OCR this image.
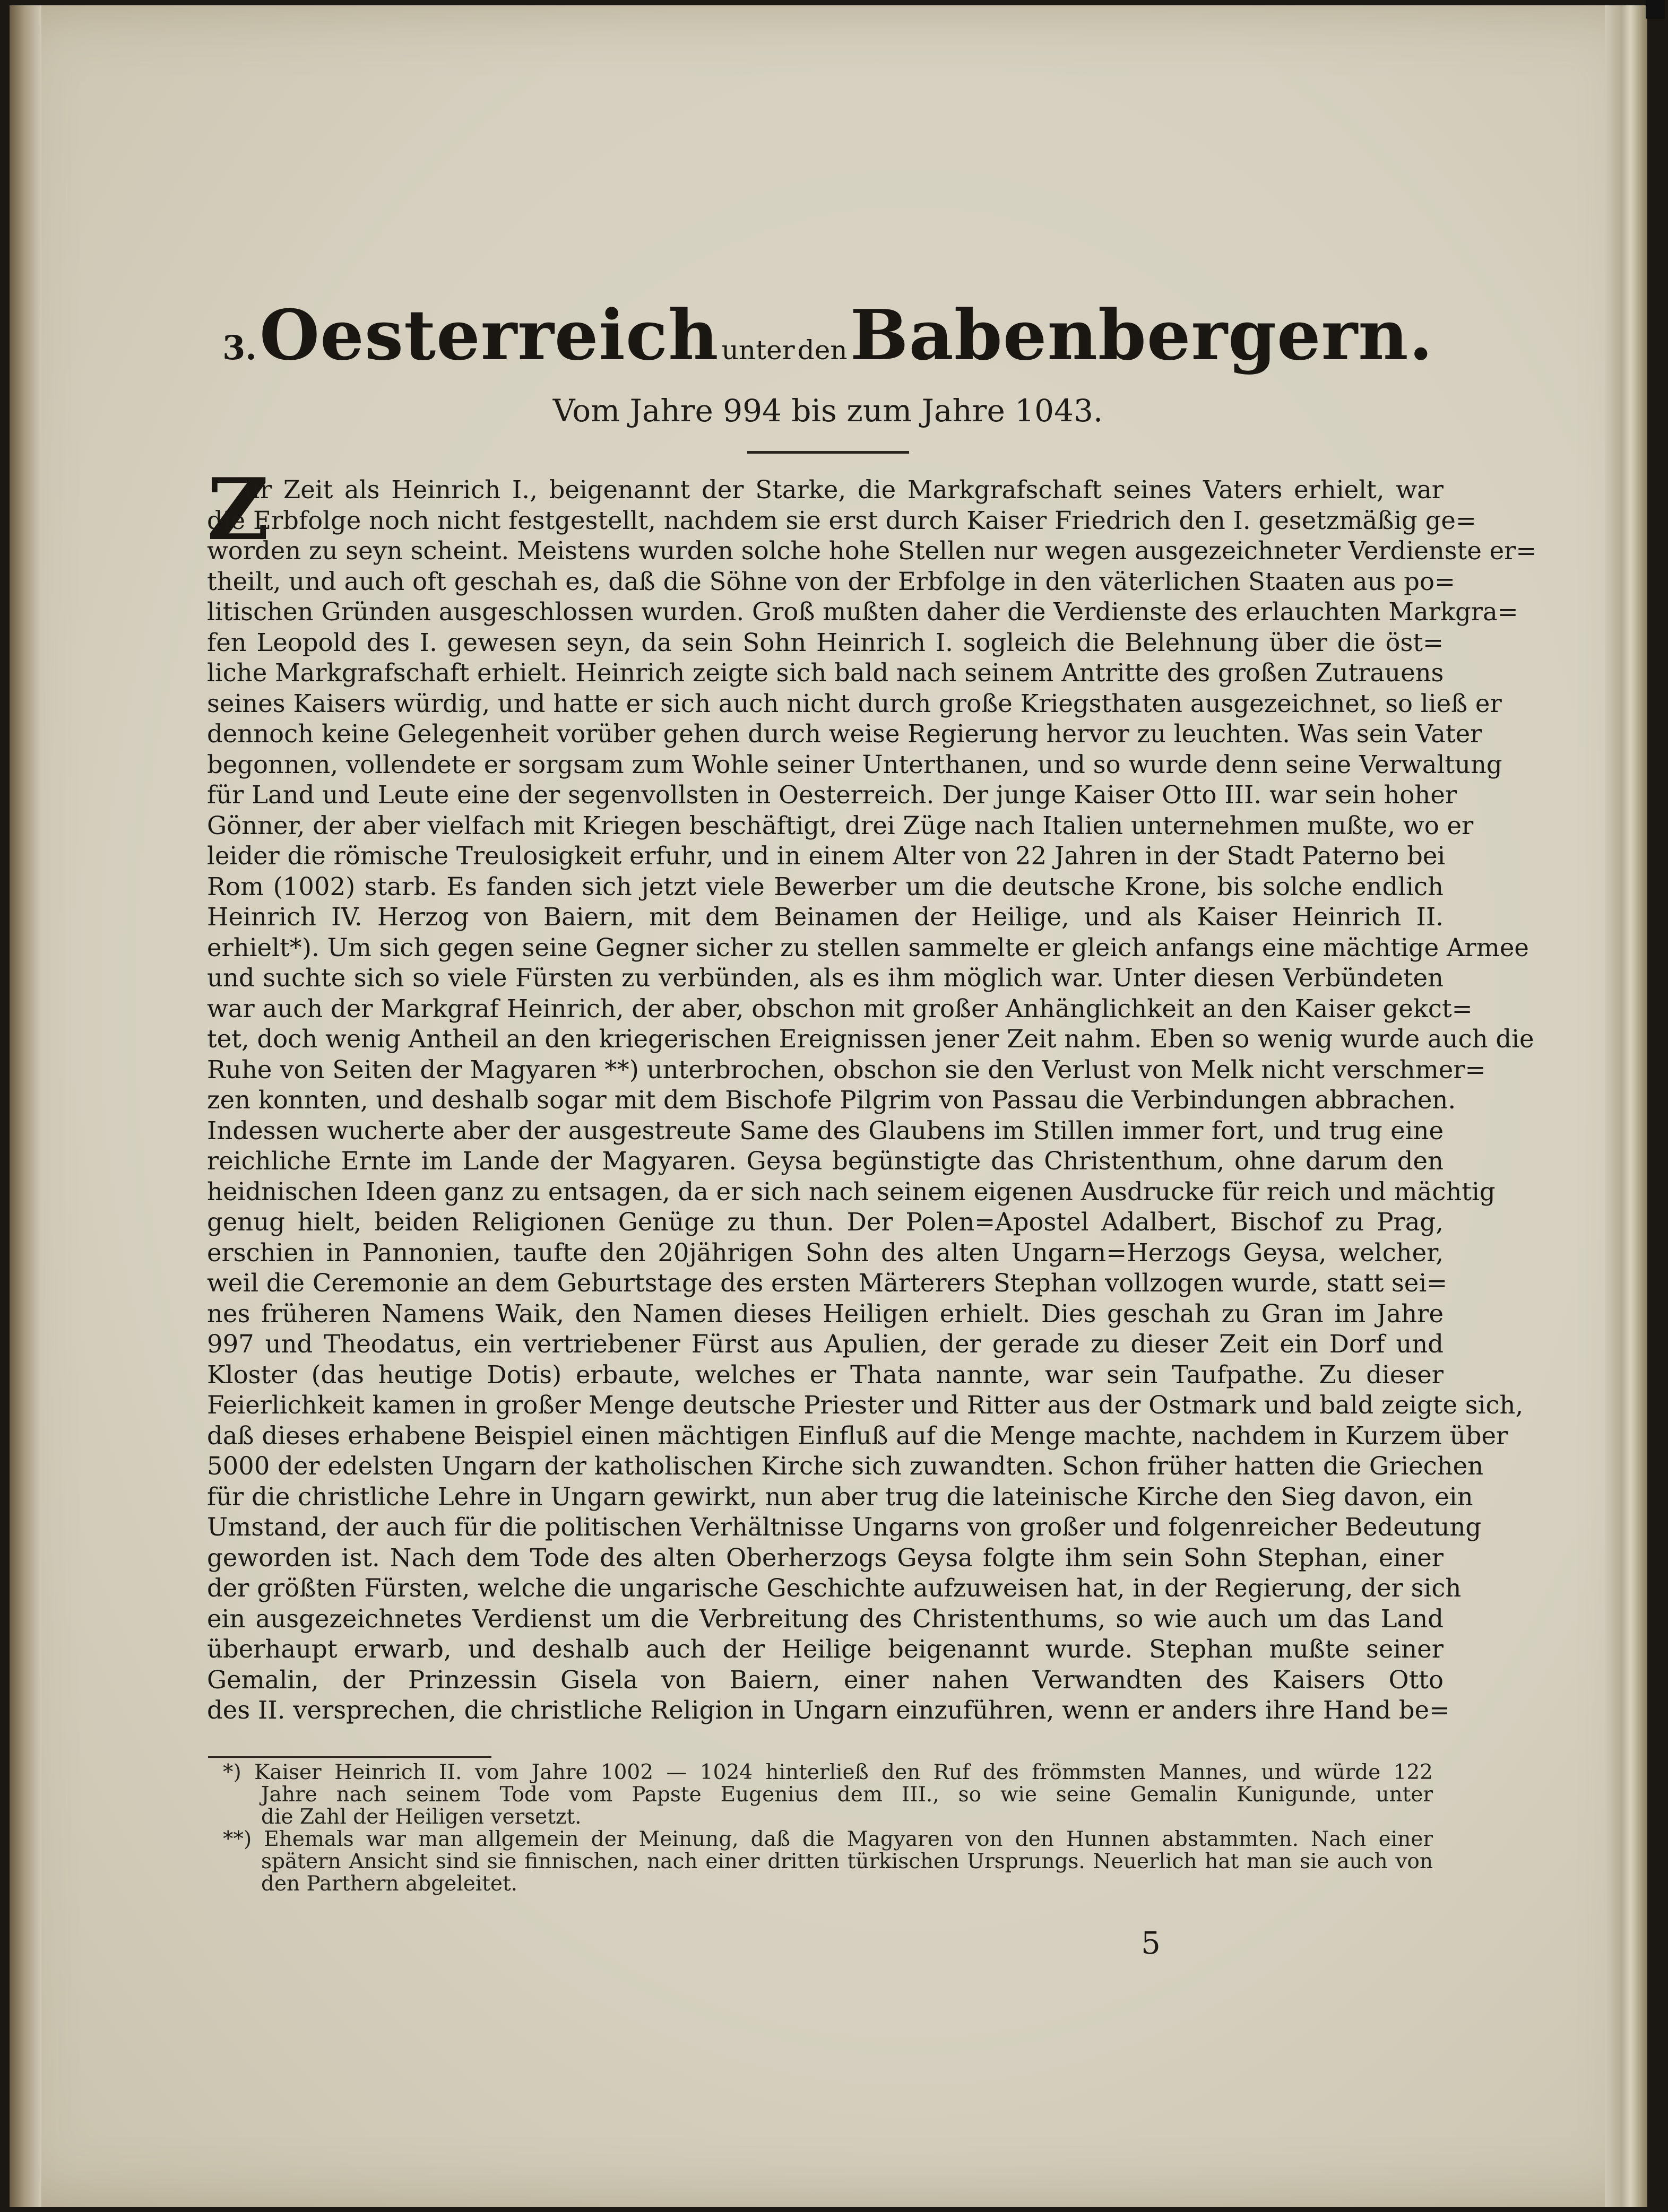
3. Oesterreich unter den Babenbergern.
Vom Jahre 994 bis zum Jahre 1043.
Z
ur Zeit als Heinrich I., beigenannt der Starke, die Markgrafschaft seines Vaters erhielt, war
die Erbfolge noch nicht festgestellt, nachdem sie erst durch Kaiser Friedrich den I. gesetzmäßig ge=
worden zu seyn scheint. Meistens wurden solche hohe Stellen nur wegen ausgezeichneter Verdienste er=
theilt, und auch oft geschah es, daß die Söhne von der Erbfolge in den väterlichen Staaten aus po=
litischen Gründen ausgeschlossen wurden. Groß mußten daher die Verdienste des erlauchten Markgra=
fen Leopold des I. gewesen seyn, da sein Sohn Heinrich I. sogleich die Belehnung über die öst=
liche Markgrafschaft erhielt. Heinrich zeigte sich bald nach seinem Antritte des großen Zutrauens
seines Kaisers würdig, und hatte er sich auch nicht durch große Kriegsthaten ausgezeichnet, so ließ er
dennoch keine Gelegenheit vorüber gehen durch weise Regierung hervor zu leuchten. Was sein Vater
begonnen, vollendete er sorgsam zum Wohle seiner Unterthanen, und so wurde denn seine Verwaltung
für Land und Leute eine der segenvollsten in Oesterreich. Der junge Kaiser Otto III. war sein hoher
Gönner, der aber vielfach mit Kriegen beschäftigt, drei Züge nach Italien unternehmen mußte, wo er
leider die römische Treulosigkeit erfuhr, und in einem Alter von 22 Jahren in der Stadt Paterno bei
Rom (1002) starb. Es fanden sich jetzt viele Bewerber um die deutsche Krone, bis solche endlich
Heinrich IV. Herzog von Baiern, mit dem Beinamen der Heilige, und als Kaiser Heinrich II.
erhielt*). Um sich gegen seine Gegner sicher zu stellen sammelte er gleich anfangs eine mächtige Armee
und suchte sich so viele Fürsten zu verbünden, als es ihm möglich war. Unter diesen Verbündeten
war auch der Markgraf Heinrich, der aber, obschon mit großer Anhänglichkeit an den Kaiser gekct=
tet, doch wenig Antheil an den kriegerischen Ereignissen jener Zeit nahm. Eben so wenig wurde auch die
Ruhe von Seiten der Magyaren **) unterbrochen, obschon sie den Verlust von Melk nicht verschmer=
zen konnten, und deshalb sogar mit dem Bischofe Pilgrim von Passau die Verbindungen abbrachen.
Indessen wucherte aber der ausgestreute Same des Glaubens im Stillen immer fort, und trug eine
reichliche Ernte im Lande der Magyaren. Geysa begünstigte das Christenthum, ohne darum den
heidnischen Ideen ganz zu entsagen, da er sich nach seinem eigenen Ausdrucke für reich und mächtig
genug hielt, beiden Religionen Genüge zu thun. Der Polen=Apostel Adalbert, Bischof zu Prag,
erschien in Pannonien, taufte den 20jährigen Sohn des alten Ungarn=Herzogs Geysa, welcher,
weil die Ceremonie an dem Geburtstage des ersten Märterers Stephan vollzogen wurde, statt sei=
nes früheren Namens Waik, den Namen dieses Heiligen erhielt. Dies geschah zu Gran im Jahre
997 und Theodatus, ein vertriebener Fürst aus Apulien, der gerade zu dieser Zeit ein Dorf und
Kloster (das heutige Dotis) erbaute, welches er Thata nannte, war sein Taufpathe. Zu dieser
Feierlichkeit kamen in großer Menge deutsche Priester und Ritter aus der Ostmark und bald zeigte sich,
daß dieses erhabene Beispiel einen mächtigen Einfluß auf die Menge machte, nachdem in Kurzem über
5000 der edelsten Ungarn der katholischen Kirche sich zuwandten. Schon früher hatten die Griechen
für die christliche Lehre in Ungarn gewirkt, nun aber trug die lateinische Kirche den Sieg davon, ein
Umstand, der auch für die politischen Verhältnisse Ungarns von großer und folgenreicher Bedeutung
geworden ist. Nach dem Tode des alten Oberherzogs Geysa folgte ihm sein Sohn Stephan, einer
der größten Fürsten, welche die ungarische Geschichte aufzuweisen hat, in der Regierung, der sich
ein ausgezeichnetes Verdienst um die Verbreitung des Christenthums, so wie auch um das Land
überhaupt erwarb, und deshalb auch der Heilige beigenannt wurde. Stephan mußte seiner
Gemalin, der Prinzessin Gisela von Baiern, einer nahen Verwandten des Kaisers Otto
des II. versprechen, die christliche Religion in Ungarn einzuführen, wenn er anders ihre Hand be=
*) Kaiser Heinrich II. vom Jahre 1002 — 1024 hinterließ den Ruf des frömmsten Mannes, und würde 122
Jahre nach seinem Tode vom Papste Eugenius dem III., so wie seine Gemalin Kunigunde, unter
die Zahl der Heiligen versetzt.
**) Ehemals war man allgemein der Meinung, daß die Magyaren von den Hunnen abstammten. Nach einer
spätern Ansicht sind sie finnischen, nach einer dritten türkischen Ursprungs. Neuerlich hat man sie auch von
den Parthern abgeleitet.
5
